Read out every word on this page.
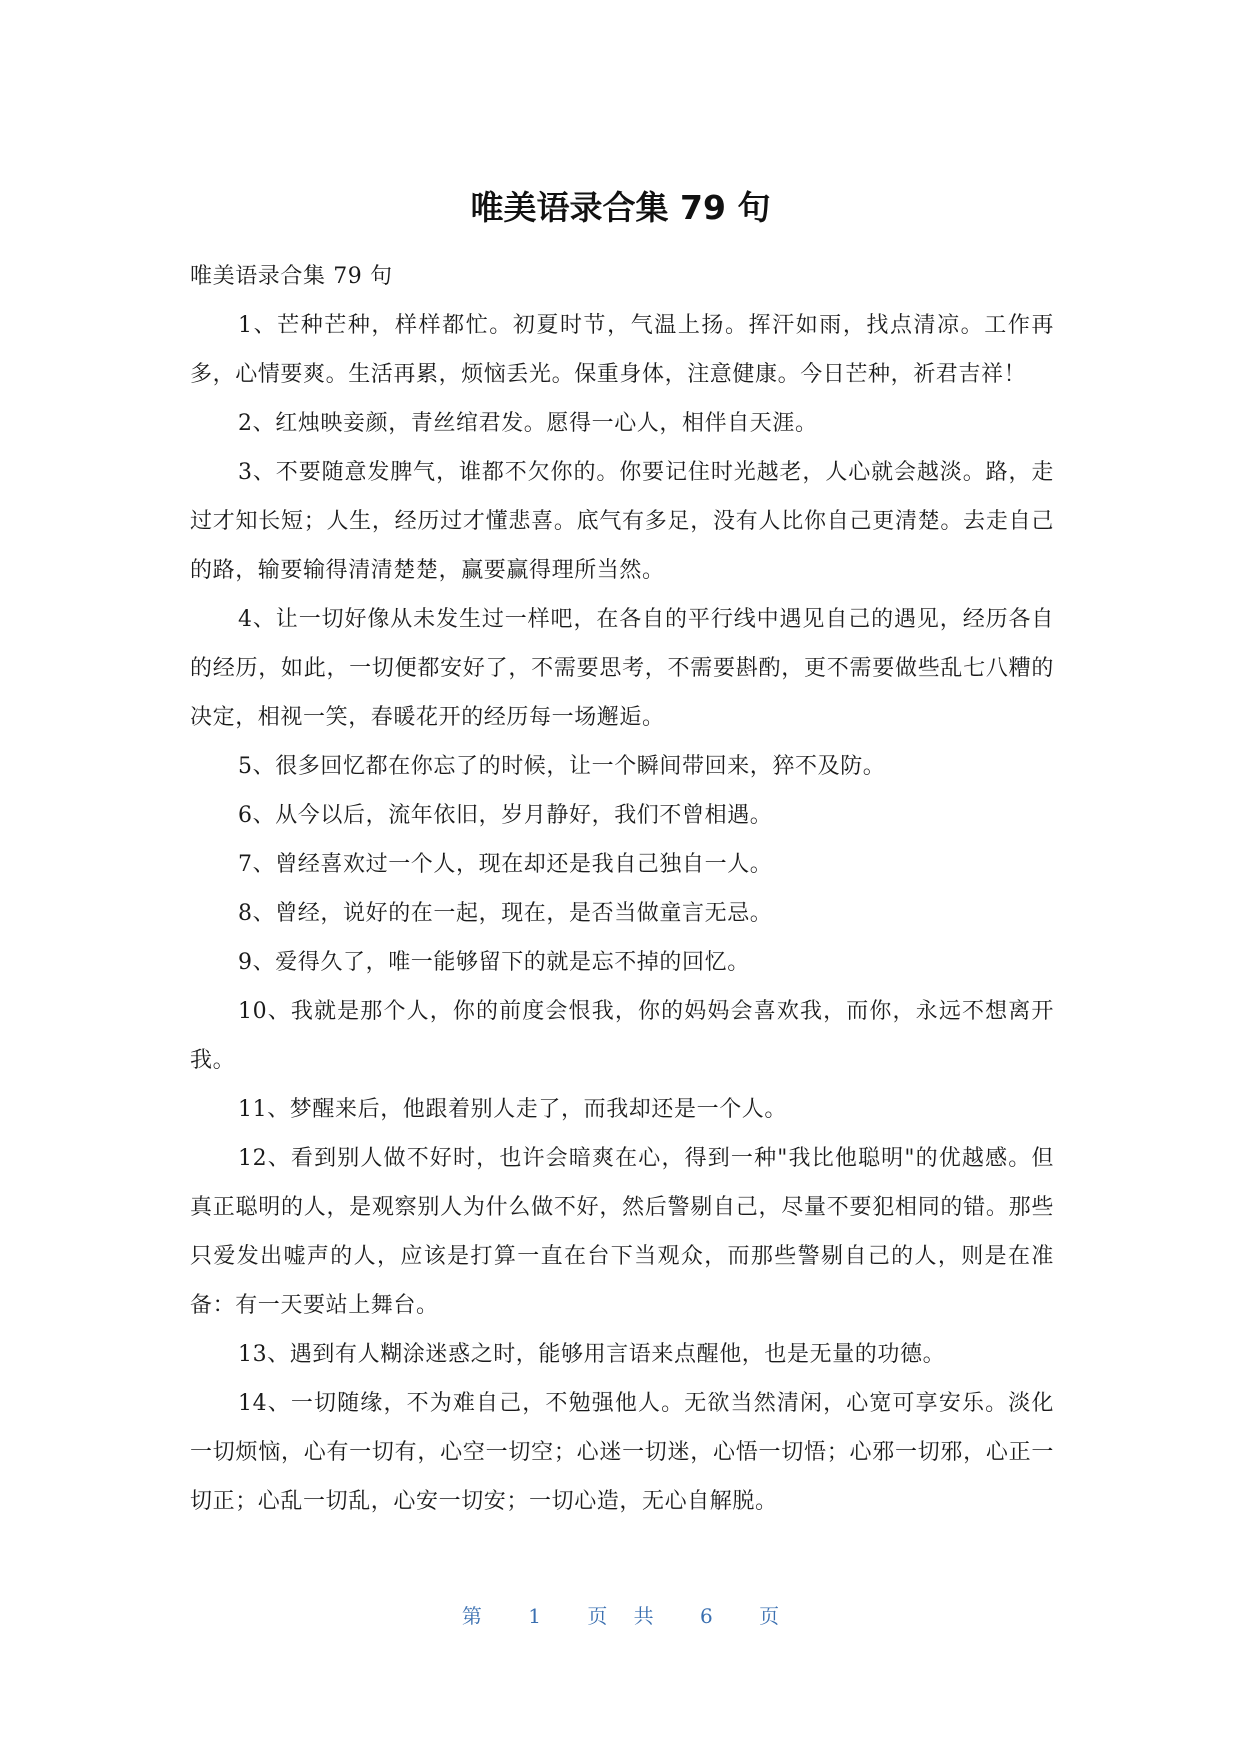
唯美语录合集 79 句

唯美语录合集 79 句

1、芒种芒种，样样都忙。初夏时节，气温上扬。挥汗如雨，找点清凉。工作再多，心情要爽。生活再累，烦恼丢光。保重身体，注意健康。今日芒种，祈君吉祥！

2、红烛映妾颜，青丝绾君发。愿得一心人，相伴自天涯。

3、不要随意发脾气，谁都不欠你的。你要记住时光越老，人心就会越淡。路，走过才知长短；人生，经历过才懂悲喜。底气有多足，没有人比你自己更清楚。去走自己的路，输要输得清清楚楚，赢要赢得理所当然。

4、让一切好像从未发生过一样吧，在各自的平行线中遇见自己的遇见，经历各自的经历，如此，一切便都安好了，不需要思考，不需要斟酌，更不需要做些乱七八糟的决定，相视一笑，春暖花开的经历每一场邂逅。

5、很多回忆都在你忘了的时候，让一个瞬间带回来，猝不及防。

6、从今以后，流年依旧，岁月静好，我们不曾相遇。

7、曾经喜欢过一个人，现在却还是我自己独自一人。

8、曾经，说好的在一起，现在，是否当做童言无忌。

9、爱得久了，唯一能够留下的就是忘不掉的回忆。

10、我就是那个人，你的前度会恨我，你的妈妈会喜欢我，而你，永远不想离开我。

11、梦醒来后，他跟着别人走了，而我却还是一个人。

12、看到别人做不好时，也许会暗爽在心，得到一种"我比他聪明"的优越感。但真正聪明的人，是观察别人为什么做不好，然后警剔自己，尽量不要犯相同的错。那些只爱发出嘘声的人，应该是打算一直在台下当观众，而那些警剔自己的人，则是在准备：有一天要站上舞台。

13、遇到有人糊涂迷惑之时，能够用言语来点醒他，也是无量的功德。

14、一切随缘，不为难自己，不勉强他人。无欲当然清闲，心宽可享安乐。淡化一切烦恼，心有一切有，心空一切空；心迷一切迷，心悟一切悟；心邪一切邪，心正一切正；心乱一切乱，心安一切安；一切心造，无心自解脱。

第 1 页 共 6 页
